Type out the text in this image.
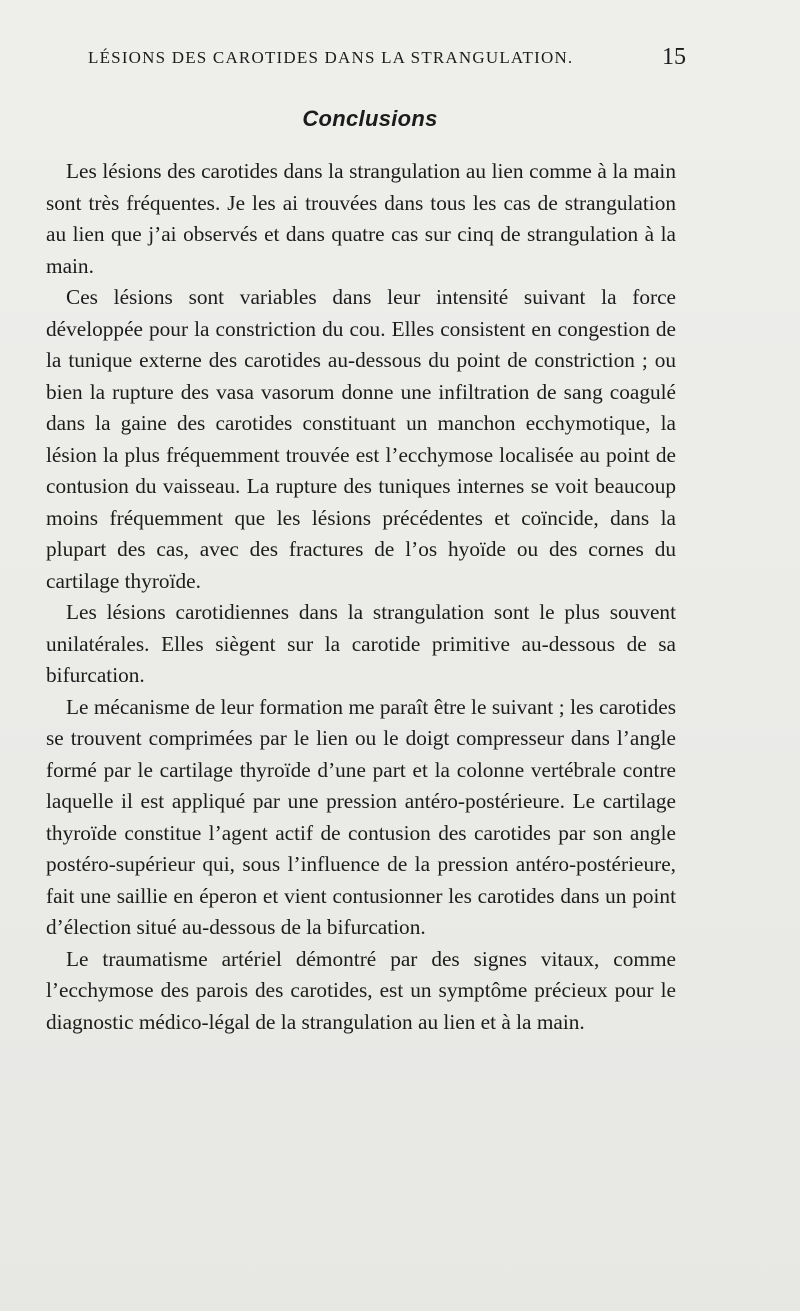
LÉSIONS DES CAROTIDES DANS LA STRANGULATION.	15
Conclusions

Les lésions des carotides dans la strangulation au lien comme à la main sont très fréquentes. Je les ai trouvées dans tous les cas de strangulation au lien que j’ai observés et dans quatre cas sur cinq de strangulation à la main.

Ces lésions sont variables dans leur intensité suivant la force développée pour la constriction du cou. Elles consistent en congestion de la tunique externe des carotides au-dessous du point de constriction ; ou bien la rupture des vasa vasorum donne une infiltration de sang coagulé dans la gaine des carotides constituant un manchon ecchymotique, la lésion la plus fréquemment trouvée est l’ecchymose localisée au point de contusion du vaisseau. La rupture des tuniques internes se voit beaucoup moins fréquemment que les lésions précédentes et coïncide, dans la plupart des cas, avec des fractures de l’os hyoïde ou des cornes du cartilage thyroïde.

Les lésions carotidiennes dans la strangulation sont le plus souvent unilatérales. Elles siègent sur la carotide primitive au-dessous de sa bifurcation.

Le mécanisme de leur formation me paraît être le suivant ; les carotides se trouvent comprimées par le lien ou le doigt compresseur dans l’angle formé par le cartilage thyroïde d’une part et la colonne vertébrale contre laquelle il est appliqué par une pression antéro-postérieure. Le cartilage thyroïde constitue l’agent actif de contusion des carotides par son angle postéro-supérieur qui, sous l’influence de la pression antéro-postérieure, fait une saillie en éperon et vient contusionner les carotides dans un point d’élection situé au-dessous de la bifurcation.

Le traumatisme artériel démontré par des signes vitaux, comme l’ecchymose des parois des carotides, est un symptôme précieux pour le diagnostic médico-légal de la strangulation au lien et à la main.
